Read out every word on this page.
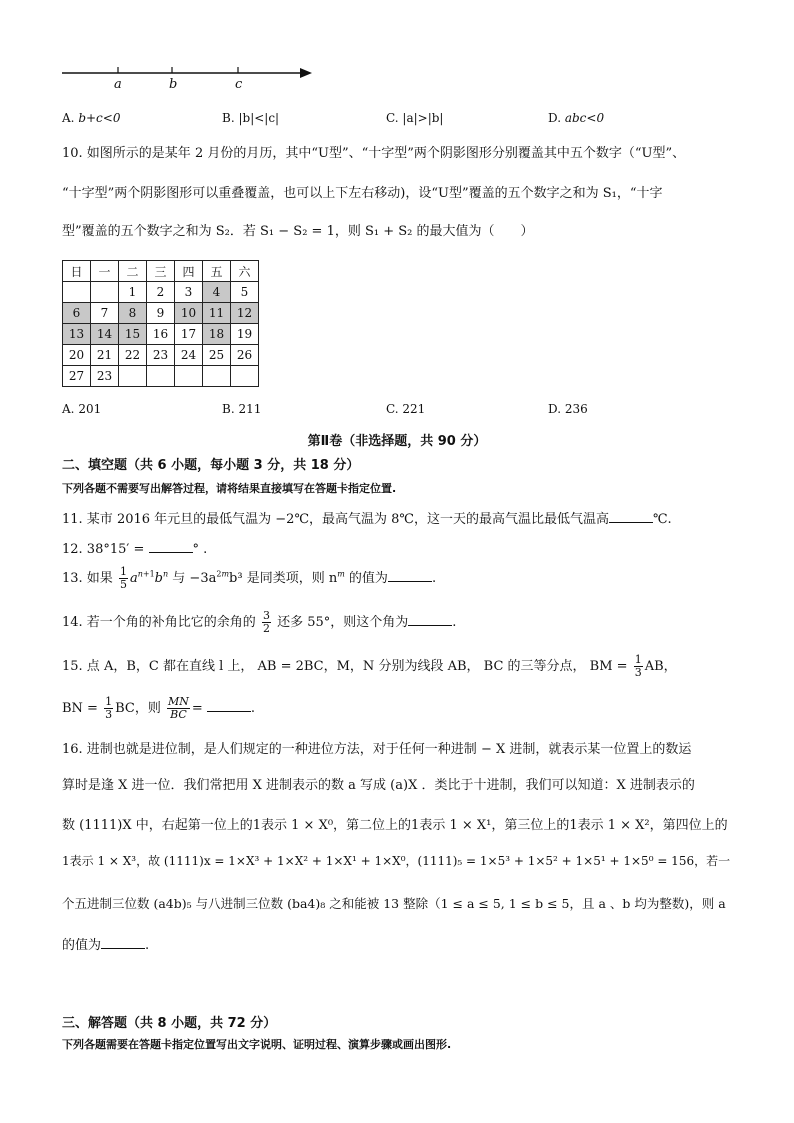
a	b	c
A. b+c<0	B. |b|<|c|	C. |a|>|b|	D. abc<0
10. 如图所示的是某年 2 月份的月历，其中“U型”、“十字型”两个阴影图形分别覆盖其中五个数字（“U型”、
“十字型”两个阴影图形可以重叠覆盖，也可以上下左右移动)，设“U型”覆盖的五个数字之和为 S₁，“十字
型”覆盖的五个数字之和为 S₂．若 S₁ − S₂ = 1，则 S₁ + S₂ 的最大值为（　　）
日	一	二	三	四	五	六
		1	2	3	4	5
6	7	8	9	10	11	12
13	14	15	16	17	18	19
20	21	22	23	24	25	26
27	23					
A. 201	B. 211	C. 221	D. 236
第Ⅱ卷（非选择题，共 90 分）
二、填空题（共 6 小题，每小题 3 分，共 18 分）
下列各题不需要写出解答过程，请将结果直接填写在答题卡指定位置.
11. 某市 2016 年元旦的最低气温为 −2℃，最高气温为 8℃，这一天的最高气温比最低气温高	℃.
12. 38°15′ =	° .
13. 如果 $\frac{1}{5} a^{n+1}b^n$ 与 $-3a^{2m}b^3$ 是同类项，则 $n^m$ 的值为	.
14. 若一个角的补角比它的余角的 $\frac{3}{2}$ 还多 55°，则这个角为	.
15. 点 A，B，C 都在直线 l 上， AB = 2BC，M，N 分别为线段 AB， BC 的三等分点， BM = $\frac{1}{3}$ AB，
BN = $\frac{1}{3}$ BC，则 $\frac{MN}{BC}$ =	.
16. 进制也就是进位制，是人们规定的一种进位方法，对于任何一种进制 − X 进制，就表示某一位置上的数运
算时是逢 X 进一位．我们常把用 X 进制表示的数 a 写成 (a)X ．类比于十进制，我们可以知道：X 进制表示的
数 (1111)X 中，右起第一位上的1表示 1 × X⁰，第二位上的1表示 1 × X¹，第三位上的1表示 1 × X²，第四位上的
1表示 1 × X³，故 (1111)x = 1×X³ + 1×X² + 1×X¹ + 1×X⁰，(1111)₅ = 1×5³ + 1×5² + 1×5¹ + 1×5⁰ = 156，若一
个五进制三位数 (a4b)₅ 与八进制三位数 (ba4)₈ 之和能被 13 整除（1 ≤ a ≤ 5, 1 ≤ b ≤ 5，且 a 、b 均为整数)，则 a
的值为	.
三、解答题（共 8 小题，共 72 分）
下列各题需要在答题卡指定位置写出文字说明、证明过程、演算步骤或画出图形.
